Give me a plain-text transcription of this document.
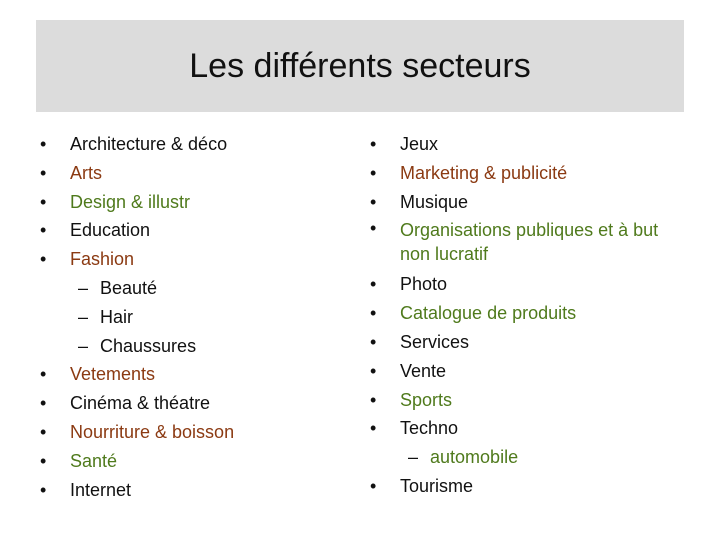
Les différents secteurs
• Architecture & déco
• Arts
• Design & illustr
• Education
• Fashion
– Beauté
– Hair
– Chaussures
• Vetements
• Cinéma & théatre
• Nourriture & boisson
• Santé
• Internet
• Jeux
• Marketing & publicité
• Musique
• Organisations publiques et à but non lucratif
• Photo
• Catalogue de produits
• Services
• Vente
• Sports
• Techno
– automobile
• Tourisme
